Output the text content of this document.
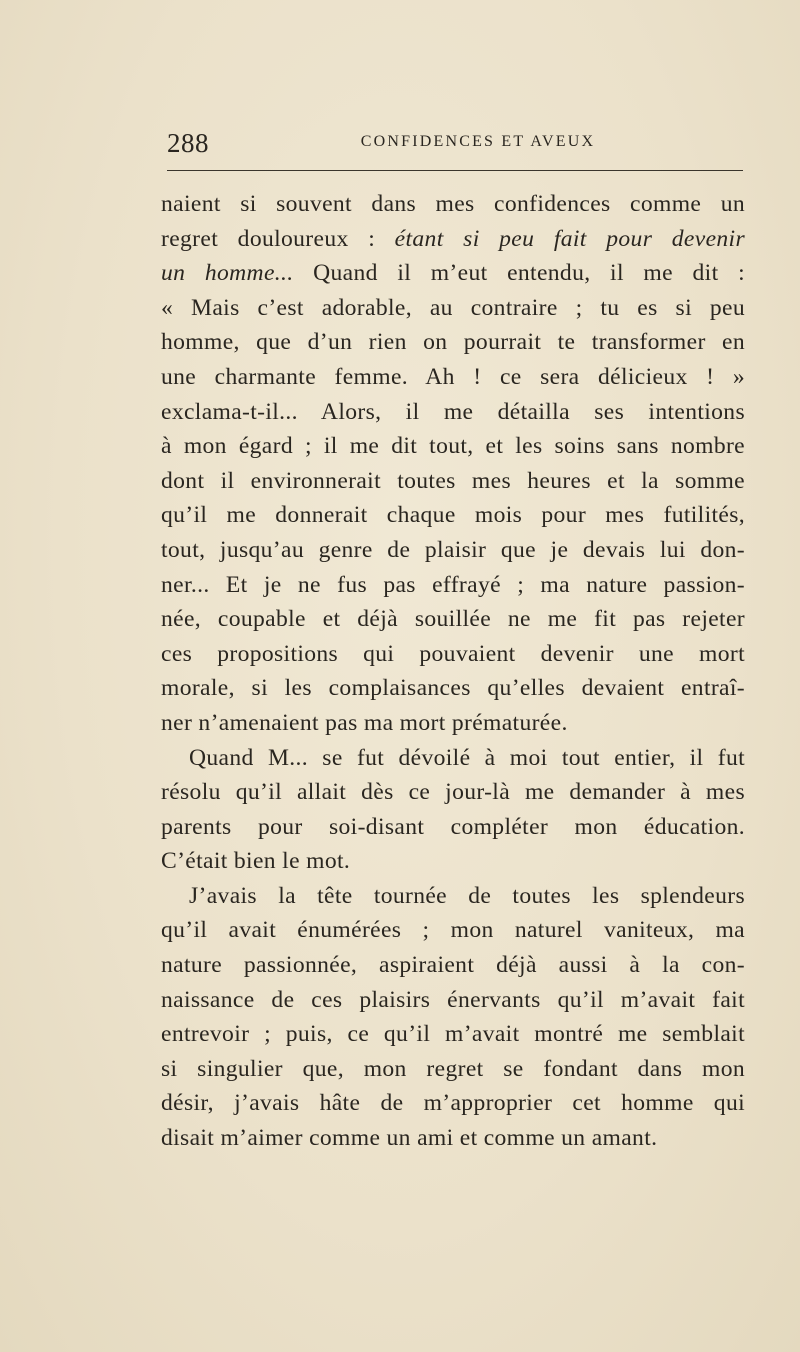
288	CONFIDENCES ET AVEUX
naient si souvent dans mes confidences comme un
regret douloureux : étant si peu fait pour devenir
un homme... Quand il m’eut entendu, il me dit :
« Mais c’est adorable, au contraire ; tu es si peu
homme, que d’un rien on pourrait te transformer en
une charmante femme. Ah ! ce sera délicieux ! »
exclama-t-il... Alors, il me détailla ses intentions
à mon égard ; il me dit tout, et les soins sans nombre
dont il environnerait toutes mes heures et la somme
qu’il me donnerait chaque mois pour mes futilités,
tout, jusqu’au genre de plaisir que je devais lui don-
ner... Et je ne fus pas effrayé ; ma nature passion-
née, coupable et déjà souillée ne me fit pas rejeter
ces propositions qui pouvaient devenir une mort
morale, si les complaisances qu’elles devaient entraî-
ner n’amenaient pas ma mort prématurée.
Quand M... se fut dévoilé à moi tout entier, il fut
résolu qu’il allait dès ce jour-là me demander à mes
parents pour soi-disant compléter mon éducation.
C’était bien le mot.
J’avais la tête tournée de toutes les splendeurs
qu’il avait énumérées ; mon naturel vaniteux, ma
nature passionnée, aspiraient déjà aussi à la con-
naissance de ces plaisirs énervants qu’il m’avait fait
entrevoir ; puis, ce qu’il m’avait montré me semblait
si singulier que, mon regret se fondant dans mon
désir, j’avais hâte de m’approprier cet homme qui
disait m’aimer comme un ami et comme un amant.
